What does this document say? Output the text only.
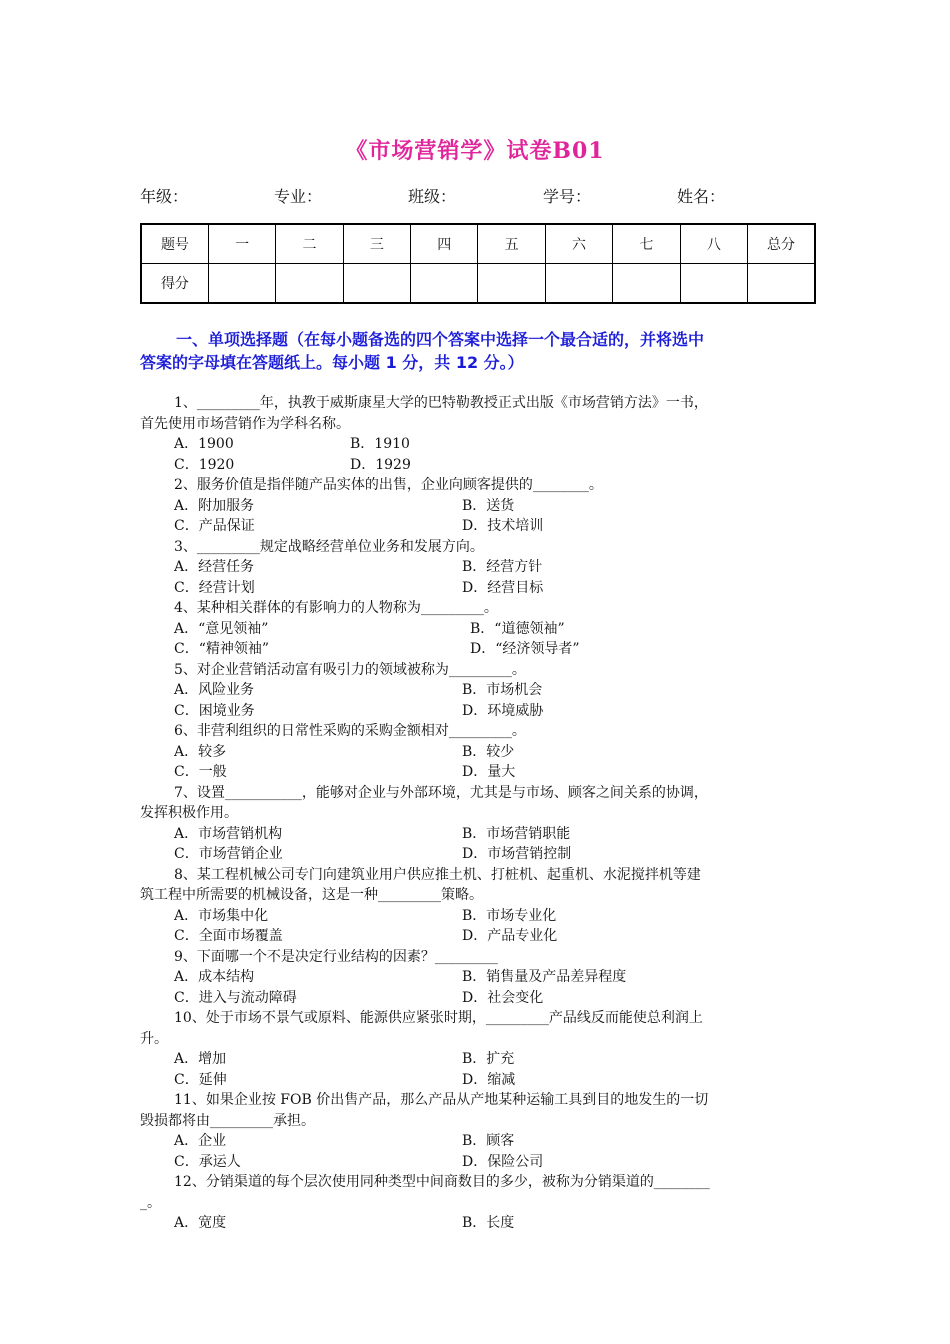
《市场营销学》试卷B01
年级：	专业：	班级：	学号：	姓名：
题号	一	二	三	四	五	六	七	八	总分
得分									

一、单项选择题（在每小题备选的四个答案中选择一个最合适的，并将选中

答案的字母填在答题纸上。每小题 1 分，共 12 分。）

1、_________年，执教于威斯康星大学的巴特勒教授正式出版《市场营销方法》一书，
首先使用市场营销作为学科名称。
A．1900	B．1910
C．1920	D．1929
2、服务价值是指伴随产品实体的出售，企业向顾客提供的________。
A．附加服务	B．送货
C．产品保证	D．技术培训
3、_________规定战略经营单位业务和发展方向。
A．经营任务	B．经营方针
C．经营计划	D．经营目标
4、某种相关群体的有影响力的人物称为_________。
A．“意见领袖”	B．“道德领袖”
C．“精神领袖”	D．“经济领导者”
5、对企业营销活动富有吸引力的领域被称为_________。
A．风险业务	B．市场机会
C．困境业务	D．环境威胁
6、非营利组织的日常性采购的采购金额相对_________。
A．较多	B．较少
C．一般	D．量大
7、设置___________，能够对企业与外部环境，尤其是与市场、顾客之间关系的协调，
发挥积极作用。
A．市场营销机构	B．市场营销职能
C．市场营销企业	D．市场营销控制
8、某工程机械公司专门向建筑业用户供应推土机、打桩机、起重机、水泥搅拌机等建
筑工程中所需要的机械设备，这是一种_________策略。
A．市场集中化	B．市场专业化
C．全面市场覆盖	D．产品专业化
9、下面哪一个不是决定行业结构的因素？_________
A．成本结构	B．销售量及产品差异程度
C．进入与流动障碍	D．社会变化
10、处于市场不景气或原料、能源供应紧张时期，_________产品线反而能使总利润上
升。
A．增加	B．扩充
C．延伸	D．缩减
11、如果企业按 FOB 价出售产品，那么产品从产地某种运输工具到目的地发生的一切
毁损都将由_________承担。
A．企业	B．顾客
C．承运人	D．保险公司
12、分销渠道的每个层次使用同种类型中间商数目的多少，被称为分销渠道的________
_。
A．宽度	B．长度
